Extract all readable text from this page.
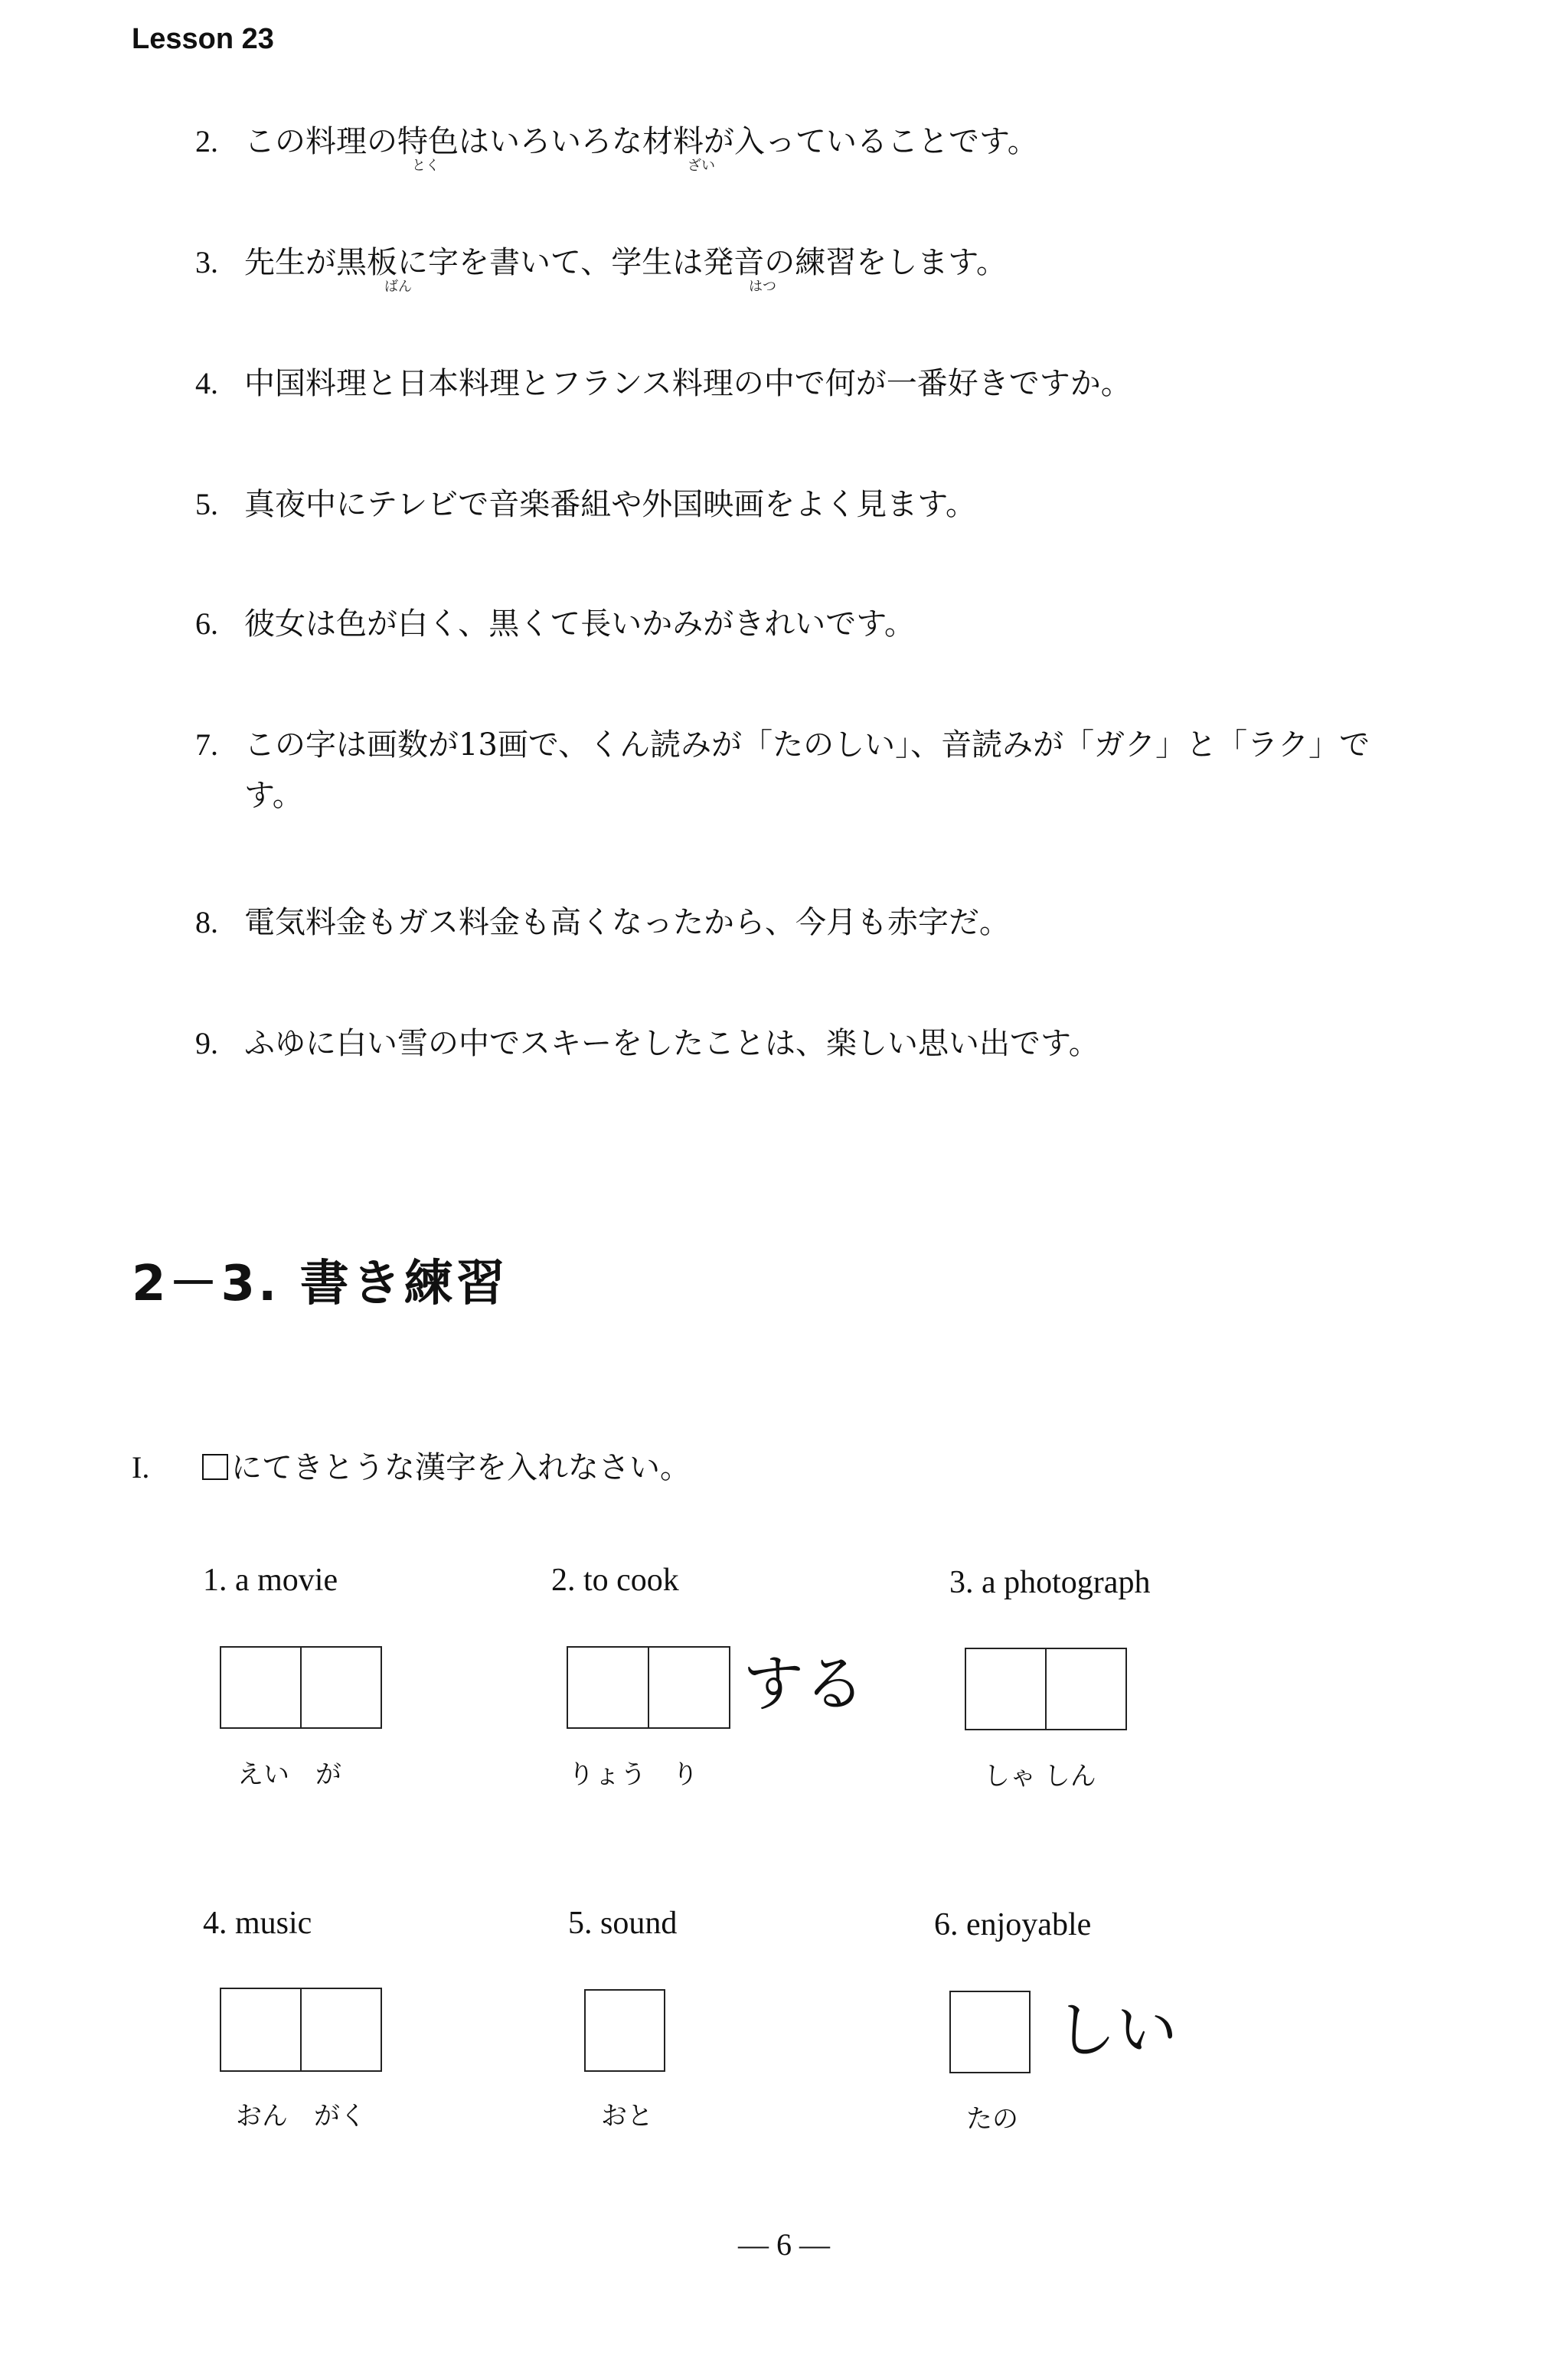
Lesson 23
2. この料理の特色はいろいろな材料が入っていることです。
とく	ざい
3. 先生が黒板に字を書いて、学生は発音の練習をします。
ばん	はつ
4. 中国料理と日本料理とフランス料理の中で何が一番好きですか。
5. 真夜中にテレビで音楽番組や外国映画をよく見ます。
6. 彼女は色が白く、黒くて長いかみがきれいです。
7. この字は画数が13画で、くん読みが「たのしい」、音読みが「ガク」と「ラク」で
す。
8. 電気料金もガス料金も高くなったから、今月も赤字だ。
9. ふゆに白い雪の中でスキーをしたことは、楽しい思い出です。
2－3. 書き練習
I.	にてきとうな漢字を入れなさい。
1. a movie
えい　が
2. to cook
する
りょう　り
3. a photograph
しゃ しん
4. music
おん　がく
5. sound
おと
6. enjoyable
しい
たの
— 6 —
